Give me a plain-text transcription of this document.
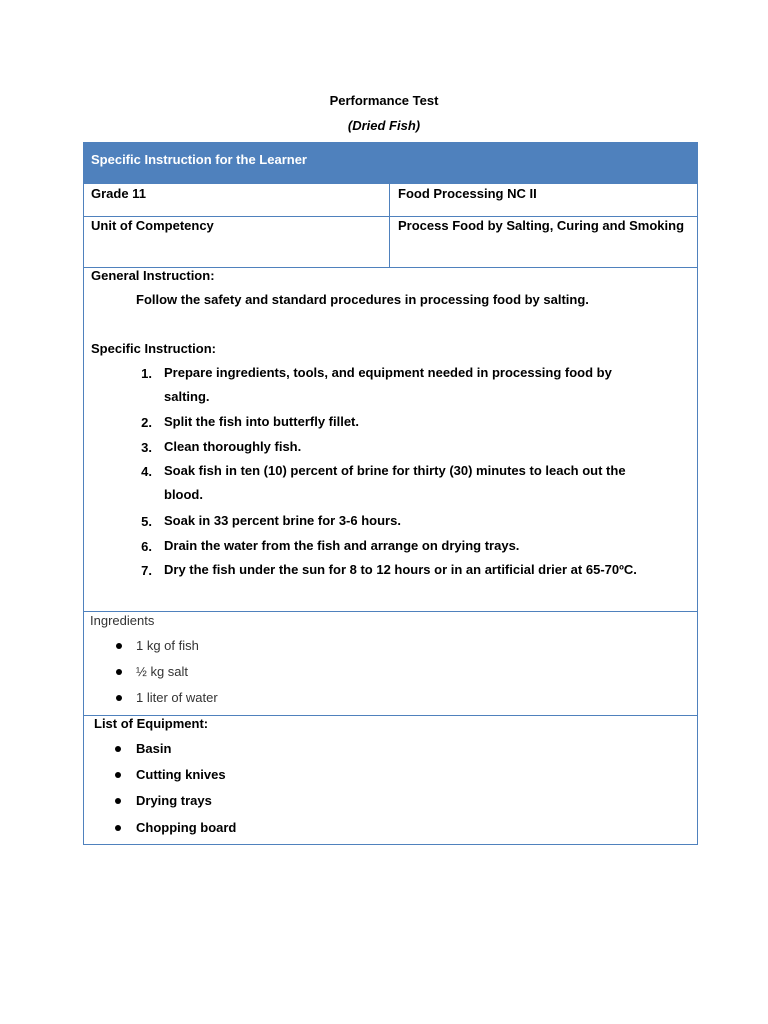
Performance Test
(Dried Fish)
Specific Instruction for the Learner
Grade 11	Food Processing NC II
Unit of Competency	Process Food by Salting, Curing and Smoking
General Instruction:
Follow the safety and standard procedures in processing food by salting.
Specific Instruction:
1. Prepare ingredients, tools, and equipment needed in processing food by
salting.
2. Split the fish into butterfly fillet.
3. Clean thoroughly fish.
4. Soak fish in ten (10) percent of brine for thirty (30) minutes to leach out the
blood.
5. Soak in 33 percent brine for 3-6 hours.
6. Drain the water from the fish and arrange on drying trays.
7. Dry the fish under the sun for 8 to 12 hours or in an artificial drier at 65-70ºC.
Ingredients
1 kg of fish
½ kg salt
1 liter of water
List of Equipment:
Basin
Cutting knives
Drying trays
Chopping board
